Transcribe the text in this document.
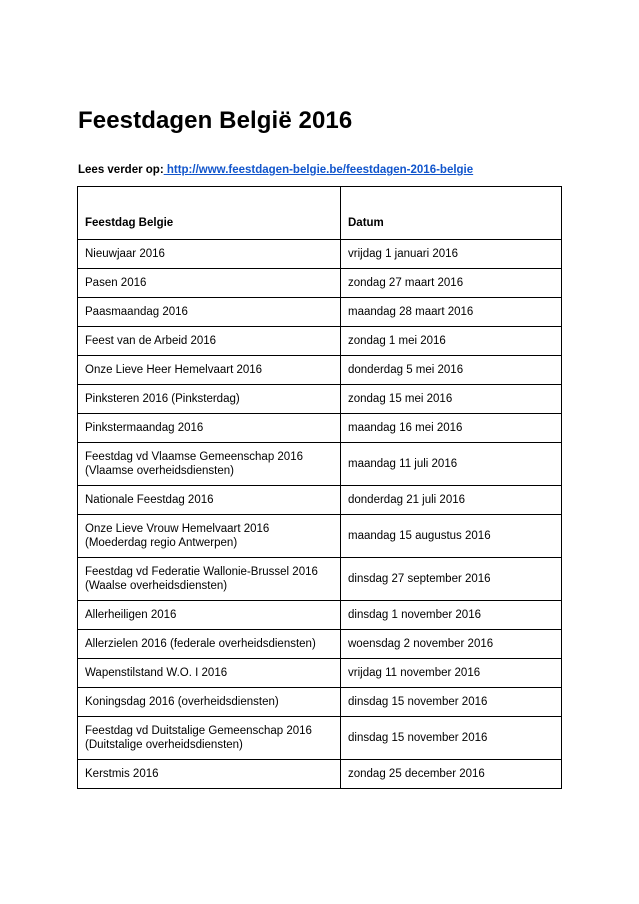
Feestdagen België 2016

Lees verder op: http://www.feestdagen-belgie.be/feestdagen-2016-belgie

Feestdag Belgie	Datum

Nieuwjaar 2016	vrijdag 1 januari 2016

Pasen 2016	zondag 27 maart 2016

Paasmaandag 2016	maandag 28 maart 2016

Feest van de Arbeid 2016	zondag 1 mei 2016

Onze Lieve Heer Hemelvaart 2016	donderdag 5 mei 2016

Pinksteren 2016 (Pinksterdag)	zondag 15 mei 2016

Pinkstermaandag 2016	maandag 16 mei 2016

Feestdag vd Vlaamse Gemeenschap 2016
(Vlaamse overheidsdiensten)	maandag 11 juli 2016

Nationale Feestdag 2016	donderdag 21 juli 2016

Onze Lieve Vrouw Hemelvaart 2016
(Moederdag regio Antwerpen)	maandag 15 augustus 2016

Feestdag vd Federatie Wallonie-Brussel 2016
(Waalse overheidsdiensten)	dinsdag 27 september 2016

Allerheiligen 2016	dinsdag 1 november 2016

Allerzielen 2016 (federale overheidsdiensten)	woensdag 2 november 2016

Wapenstilstand W.O. I 2016	vrijdag 11 november 2016

Koningsdag 2016 (overheidsdiensten)	dinsdag 15 november 2016

Feestdag vd Duitstalige Gemeenschap 2016
(Duitstalige overheidsdiensten)	dinsdag 15 november 2016

Kerstmis 2016	zondag 25 december 2016
